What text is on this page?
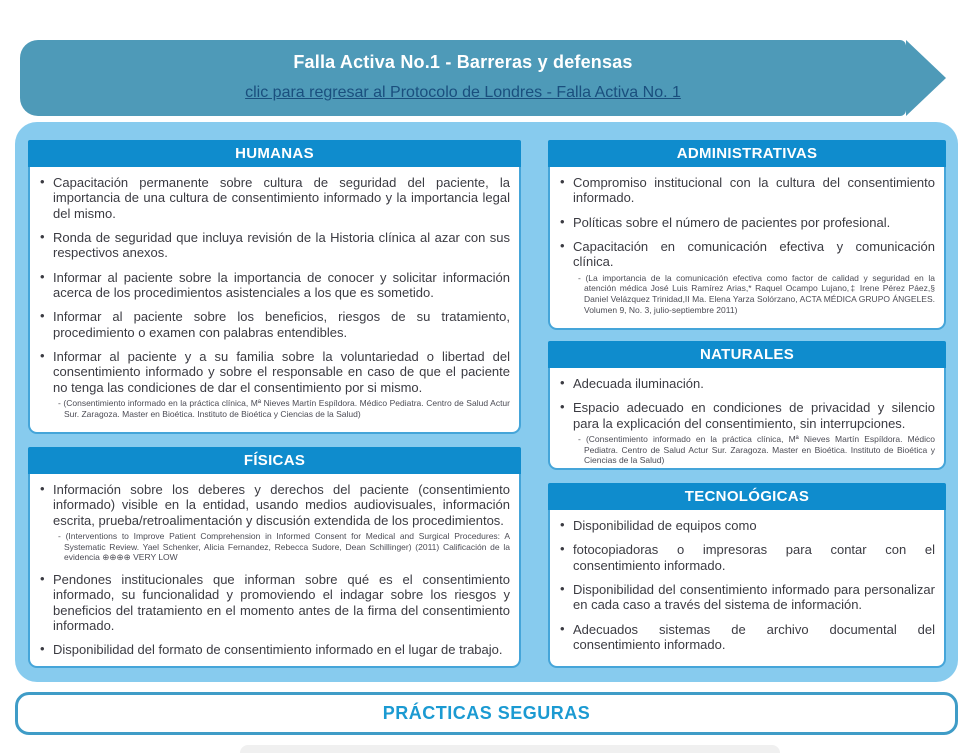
Falla Activa No.1 - Barreras y defensas
clic para regresar al Protocolo de Londres - Falla Activa No. 1
HUMANAS
• Capacitación permanente sobre cultura de seguridad del paciente, la importancia de una cultura de consentimiento informado y la importancia legal del mismo.
• Ronda de seguridad que incluya revisión de la Historia clínica al azar con sus respectivos anexos.
• Informar al paciente sobre la importancia de conocer y solicitar información acerca de los procedimientos asistenciales a los que es sometido.
• Informar al paciente sobre los beneficios, riesgos de su tratamiento, procedimiento o examen con palabras entendibles.
• Informar al paciente y a su familia sobre la voluntariedad o libertad del consentimiento informado y sobre el responsable en caso de que el paciente no tenga las condiciones de dar el consentimiento por si mismo.
- (Consentimiento informado en la práctica clínica, Mª Nieves Martín Espíldora. Médico Pediatra. Centro de Salud Actur Sur. Zaragoza. Master en Bioética. Instituto de Bioética y Ciencias de la Salud)
FÍSICAS
• Información sobre los deberes y derechos del paciente (consentimiento informado) visible en la entidad, usando medios audiovisuales, información escrita, prueba/retroalimentación y discusión extendida de los procedimientos.
- (Interventions to Improve Patient Comprehension in Informed Consent for Medical and Surgical Procedures: A Systematic Review. Yael Schenker, Alicia Fernandez, Rebecca Sudore, Dean Schillinger) (2011) Calificación de la evidencia ⊕⊕⊕⊕ VERY LOW
• Pendones institucionales que informan sobre qué es el consentimiento informado, su funcionalidad y promoviendo el indagar sobre los riesgos y beneficios del tratamiento en el momento antes de la firma del consentimiento informado.
• Disponibilidad del formato de consentimiento informado en el lugar de trabajo.
ADMINISTRATIVAS
• Compromiso institucional con la cultura del consentimiento informado.
• Políticas sobre el número de pacientes por profesional.
• Capacitación en comunicación efectiva y comunicación clínica.
- (La importancia de la comunicación efectiva como factor de calidad y seguridad en la atención médica José Luis Ramírez Arias,* Raquel Ocampo Lujano,‡ Irene Pérez Páez,§ Daniel Velázquez Trinidad,II Ma. Elena Yarza Solórzano, ACTA MÉDICA GRUPO ÁNGELES. Volumen 9, No. 3, julio-septiembre 2011)
NATURALES
• Adecuada iluminación.
• Espacio adecuado en condiciones de privacidad y silencio para la explicación del consentimiento, sin interrupciones.
- (Consentimiento informado en la práctica clínica, Mª Nieves Martín Espíldora. Médico Pediatra. Centro de Salud Actur Sur. Zaragoza. Master en Bioética. Instituto de Bioética y Ciencias de la Salud)
TECNOLÓGICAS
• Disponibilidad de equipos como
• fotocopiadoras o impresoras para contar con el consentimiento informado.
• Disponibilidad del consentimiento informado para personalizar en cada caso a través del sistema de información.
• Adecuados sistemas de archivo documental del consentimiento informado.
PRÁCTICAS SEGURAS
